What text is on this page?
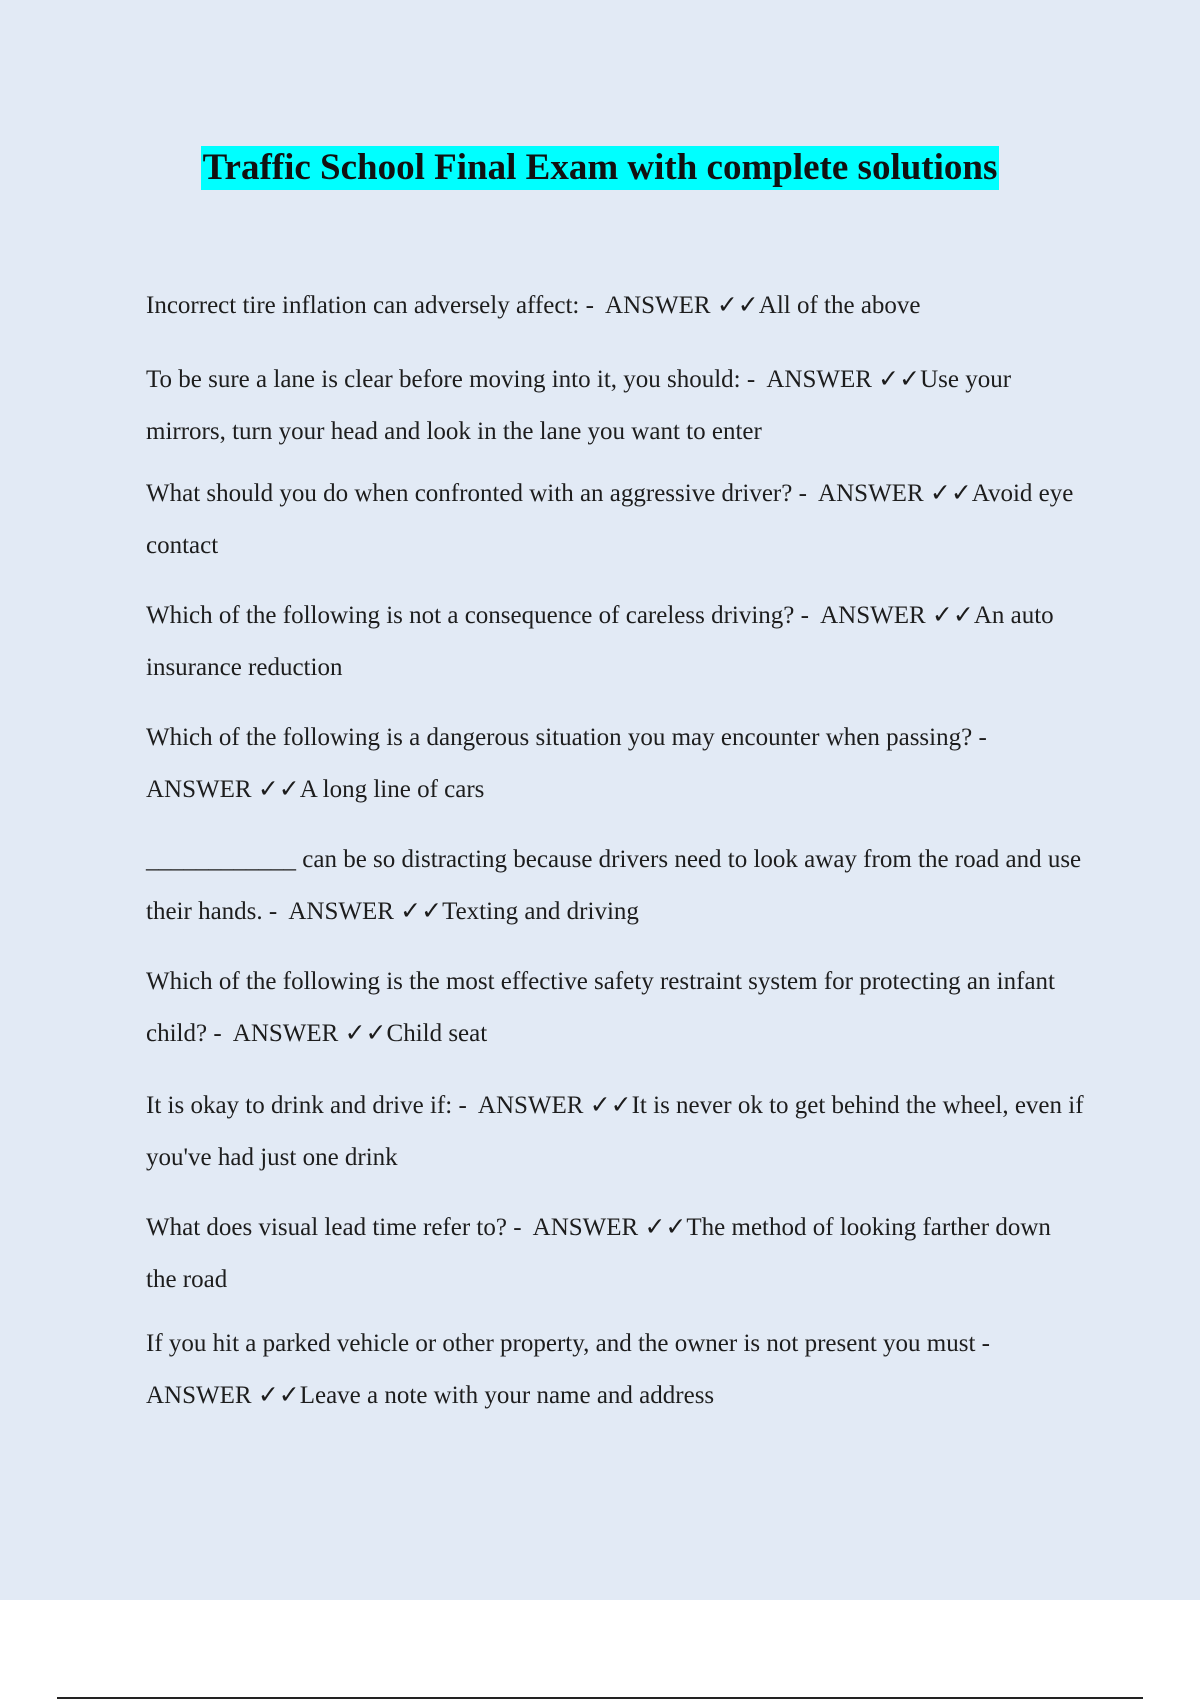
Traffic School Final Exam with complete solutions

Incorrect tire inflation can adversely affect: -  ANSWER ✓✓All of the above

To be sure a lane is clear before moving into it, you should: -  ANSWER ✓✓Use your mirrors, turn your head and look in the lane you want to enter

What should you do when confronted with an aggressive driver? -  ANSWER ✓✓Avoid eye contact

Which of the following is not a consequence of careless driving? -  ANSWER ✓✓An auto insurance reduction

Which of the following is a dangerous situation you may encounter when passing? -  ANSWER ✓✓A long line of cars

____________ can be so distracting because drivers need to look away from the road and use their hands. -  ANSWER ✓✓Texting and driving

Which of the following is the most effective safety restraint system for protecting an infant child? -  ANSWER ✓✓Child seat

It is okay to drink and drive if: -  ANSWER ✓✓It is never ok to get behind the wheel, even if you've had just one drink

What does visual lead time refer to? -  ANSWER ✓✓The method of looking farther down the road

If you hit a parked vehicle or other property, and the owner is not present you must -  ANSWER ✓✓Leave a note with your name and address
